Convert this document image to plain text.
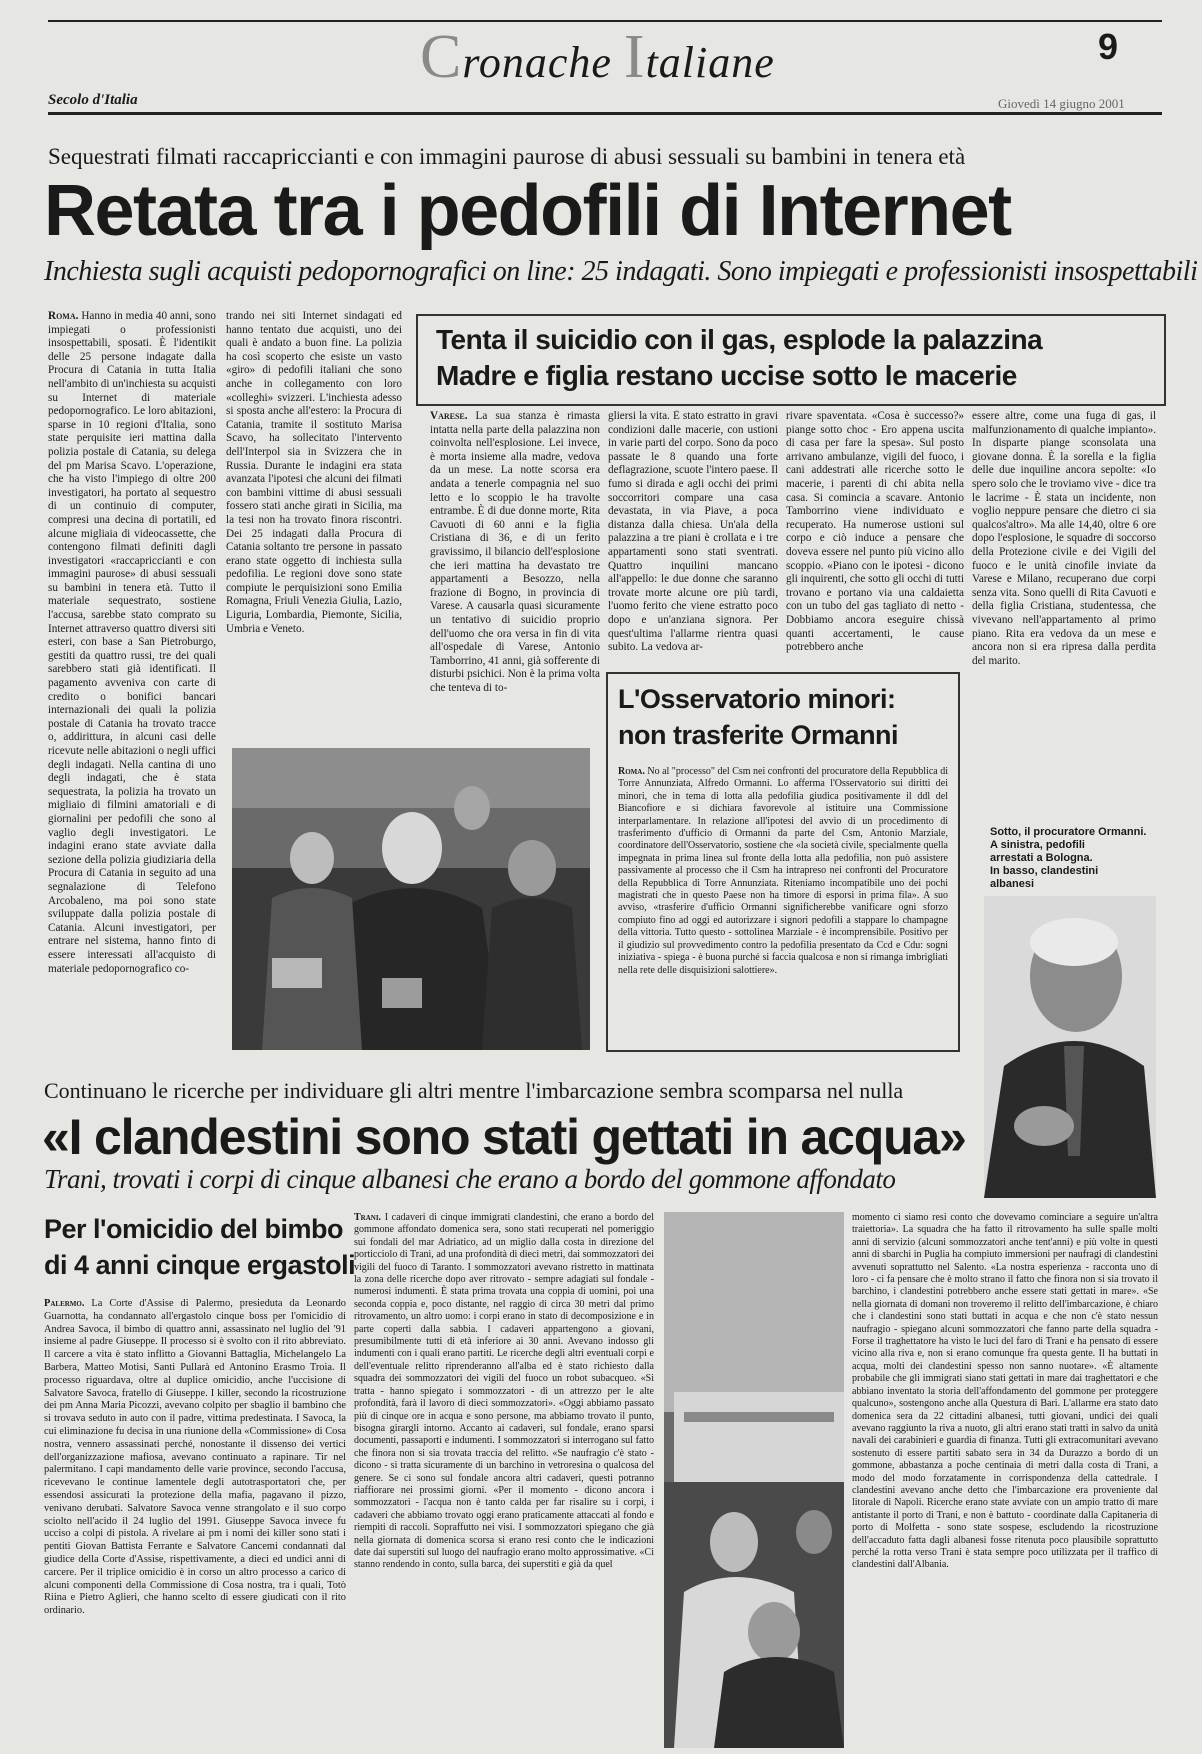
Cronache Italiane	9
Secolo d'Italia	Giovedì 14 giugno 2001
Sequestrati filmati raccapriccianti e con immagini paurose di abusi sessuali su bambini in tenera età
Retata tra i pedofili di Internet
Inchiesta sugli acquisti pedopornografici on line: 25 indagati. Sono impiegati e professionisti insospettabili

Roma. Hanno in media 40 anni, sono impiegati o professionisti insospettabili, sposati. È l'identikit delle 25 persone indagate dalla Procura di Catania in tutta Italia nell'ambito di un'inchiesta su acquisti su Internet di materiale pedopornografico. Le loro abitazioni, sparse in 10 regioni d'Italia, sono state perquisite ieri mattina dalla polizia postale di Catania, su delega del pm Marisa Scavo. L'operazione, che ha visto l'impiego di oltre 200 investigatori, ha portato al sequestro di un continuio di computer, compresi una decina di portatili, ed alcune migliaia di videocassette, che contengono filmati definiti dagli investigatori «raccapriccianti e con immagini paurose» di abusi sessuali su bambini in tenera età. Tutto il materiale sequestrato, sostiene l'accusa, sarebbe stato comprato su Internet attraverso quattro diversi siti esteri, con base a San Pietroburgo, gestiti da quattro russi, tre dei quali sarebbero stati già identificati. Il pagamento avveniva con carte di credito o bonifici bancari internazionali dei quali la polizia postale di Catania ha trovato tracce o, addirittura, in alcuni casi delle ricevute nelle abitazioni o negli uffici degli indagati. Nella cantina di uno degli indagati, che è stata sequestrata, la polizia ha trovato un migliaio di filmini amatoriali e di giornalini per pedofili che sono al vaglio degli investigatori. Le indagini erano state avviate dalla sezione della polizia giudiziaria della Procura di Catania in seguito ad una segnalazione di Telefono Arcobaleno, ma poi sono state sviluppate dalla polizia postale di Catania. Alcuni investigatori, per entrare nel sistema, hanno finto di essere interessati all'acquisto di materiale pedopornografico co-

trando nei siti Internet sindagati ed hanno tentato due acquisti, uno dei quali è andato a buon fine. La polizia ha così scoperto che esiste un vasto «giro» di pedofili italiani che sono anche in collegamento con loro «colleghi» svizzeri. L'inchiesta adesso si sposta anche all'estero: la Procura di Catania, tramite il sostituto Marisa Scavo, ha sollecitato l'intervento dell'Interpol sia in Svizzera che in Russia. Durante le indagini era stata avanzata l'ipotesi che alcuni dei filmati con bambini vittime di abusi sessuali fossero stati anche girati in Sicilia, ma la tesi non ha trovato finora riscontri. Dei 25 indagati dalla Procura di Catania soltanto tre persone in passato erano state oggetto di inchiesta sulla pedofilia. Le regioni dove sono state compiute le perquisizioni sono Emilia Romagna, Friuli Venezia Giulia, Lazio, Liguria, Lombardia, Piemonte, Sicilia, Umbria e Veneto.

Tenta il suicidio con il gas, esplode la palazzina
Madre e figlia restano uccise sotto le macerie

Varese. La sua stanza è rimasta intatta nella parte della palazzina non coinvolta nell'esplosione. Lei invece, è morta insieme alla madre, vedova da un mese. La notte scorsa era andata a tenerle compagnia nel suo letto e lo scoppio le ha travolte entrambe. È di due donne morte, Rita Cavuoti di 60 anni e la figlia Cristiana di 36, e di un ferito gravissimo, il bilancio dell'esplosione che ieri mattina ha devastato tre appartamenti a Besozzo, nella frazione di Bogno, in provincia di Varese. A causarla quasi sicuramente un tentativo di suicidio proprio dell'uomo che ora versa in fin di vita all'ospedale di Varese, Antonio Tamborrino, 41 anni, già sofferente di disturbi psichici. Non è la prima volta che tenteva di to-

gliersi la vita. È stato estratto in gravi condizioni dalle macerie, con ustioni in varie parti del corpo. Sono da poco passate le 8 quando una forte deflagrazione, scuote l'intero paese. Il fumo si dirada e agli occhi dei primi soccorritori compare una casa devastata, in via Piave, a poca distanza dalla chiesa. Un'ala della palazzina a tre piani è crollata e i tre appartamenti sono stati sventrati. Quattro inquilini mancano all'appello: le due donne che saranno trovate morte alcune ore più tardi, l'uomo ferito che viene estratto poco dopo e un'anziana signora. Per quest'ultima l'allarme rientra quasi subito. La vedova ar-

rivare spaventata. «Cosa è successo?» piange sotto choc - Ero appena uscita di casa per fare la spesa». Sul posto arrivano ambulanze, vigili del fuoco, i cani addestrati alle ricerche sotto le macerie, i parenti di chi abita nella casa. Si comincia a scavare. Antonio Tamborrino viene individuato e recuperato. Ha numerose ustioni sul corpo e ciò induce a pensare che doveva essere nel punto più vicino allo scoppio. «Piano con le ipotesi - dicono gli inquirenti, che sotto gli occhi di tutti trovano e portano via una caldaietta con un tubo del gas tagliato di netto - Dobbiamo ancora eseguire chissà quanti accertamenti, le cause potrebbero anche

essere altre, come una fuga di gas, il malfunzionamento di qualche impianto». In disparte piange sconsolata una giovane donna. È la sorella e la figlia delle due inquiline ancora sepolte: «Io spero solo che le troviamo vive - dice tra le lacrime - È stata un incidente, non voglio neppure pensare che dietro ci sia qualcos'altro». Ma alle 14,40, oltre 6 ore dopo l'esplosione, le squadre di soccorso della Protezione civile e dei Vigili del fuoco e le unità cinofile inviate da Varese e Milano, recuperano due corpi senza vita. Sono quelli di Rita Cavuoti e della figlia Cristiana, studentessa, che vivevano nell'appartamento al primo piano. Rita era vedova da un mese e ancora non si era ripresa dalla perdita del marito.

L'Osservatorio minori:
non trasferite Ormanni

Roma. No al "processo" del Csm nei confronti del procuratore della Repubblica di Torre Annunziata, Alfredo Ormanni. Lo afferma l'Osservatorio sui diritti dei minori, che in tema di lotta alla pedofilia giudica positivamente il ddl del Biancofiore e si dichiara favorevole al istituire una Commissione interparlamentare. In relazione all'ipotesi del avvio di un procedimento di trasferimento d'ufficio di Ormanni da parte del Csm, Antonio Marziale, coordinatore dell'Osservatorio, sostiene che «la società civile, specialmente quella impegnata in prima linea sul fronte della lotta alla pedofilia, non può assistere passivamente al processo che il Csm ha intrapreso nei confronti del Procuratore della Repubblica di Torre Annunziata. Riteniamo incompatibile uno dei pochi magistrati che in questo Paese non ha timore di esporsi in prima fila». A suo avviso, «trasferire d'ufficio Ormanni significherebbe vanificare ogni sforzo compiuto fino ad oggi ed autorizzare i signori pedofili a stappare lo champagne della vittoria. Tutto questo - sottolinea Marziale - è incomprensibile. Positivo per il giudizio sul provvedimento contro la pedofilia presentato da Ccd e Cdu: sogni iniziativa - spiega - è buona purché si faccia qualcosa e non si rimanga imbrigliati nella rete delle disquisizioni salottiere».

Sotto, il procuratore Ormanni.
A sinistra, pedofili
arrestati a Bologna.
In basso, clandestini
albanesi
Continuano le ricerche per individuare gli altri mentre l'imbarcazione sembra scomparsa nel nulla
«I clandestini sono stati gettati in acqua»
Trani, trovati i corpi di cinque albanesi che erano a bordo del gommone affondato
Per l'omicidio del bimbo
di 4 anni cinque ergastoli

Palermo. La Corte d'Assise di Palermo, presieduta da Leonardo Guarnotta, ha condannato all'ergastolo cinque boss per l'omicidio di Andrea Savoca, il bimbo di quattro anni, assassinato nel luglio del '91 insieme al padre Giuseppe. Il processo si è svolto con il rito abbreviato. Il carcere a vita è stato inflitto a Giovanni Battaglia, Michelangelo La Barbera, Matteo Motisi, Santi Pullarà ed Antonino Erasmo Troia. Il processo riguardava, oltre al duplice omicidio, anche l'uccisione di Salvatore Savoca, fratello di Giuseppe. I killer, secondo la ricostruzione dei pm Anna Maria Picozzi, avevano colpito per sbaglio il bambino che si trovava seduto in auto con il padre, vittima predestinata. I Savoca, la cui eliminazione fu decisa in una riunione della «Commissione» di Cosa nostra, vennero assassinati perché, nonostante il dissenso dei vertici dell'organizzazione mafiosa, avevano continuato a rapinare. Tir nel palermitano. I capi mandamento delle varie province, secondo l'accusa, ricevevano le continue lamentele degli autotrasportatori che, per essendosi assicurati la protezione della mafia, pagavano il pizzo, venivano derubati. Salvatore Savoca venne strangolato e il suo corpo sciolto nell'acido il 24 luglio del 1991. Giuseppe Savoca invece fu ucciso a colpi di pistola. A rivelare ai pm i nomi dei killer sono stati i pentiti Giovan Battista Ferrante e Salvatore Cancemi condannati dal giudice della Corte d'Assise, rispettivamente, a dieci ed undici anni di carcere. Per il triplice omicidio è in corso un altro processo a carico di alcuni componenti della Commissione di Cosa nostra, tra i quali, Totò Riina e Pietro Aglieri, che hanno scelto di essere giudicati con il rito ordinario.

Trani. I cadaveri di cinque immigrati clandestini, che erano a bordo del gommone affondato domenica sera, sono stati recuperati nel pomeriggio sui fondali del mar Adriatico, ad un miglio dalla costa in direzione del porticciolo di Trani, ad una profondità di dieci metri, dai sommozzatori dei vigili del fuoco di Taranto. I sommozzatori avevano ristretto in mattinata la zona delle ricerche dopo aver ritrovato - sempre adagiati sul fondale - numerosi indumenti. È stata prima trovata una coppia di uomini, poi una seconda coppia e, poco distante, nel raggio di circa 30 metri dal primo ritrovamento, un altro uomo: i corpi erano in stato di decomposizione e in parte coperti dalla sabbia. I cadaveri appartengono a giovani, presumibilmente tutti di età inferiore ai 30 anni. Avevano indosso gli indumenti con i quali erano partiti. Le ricerche degli altri eventuali corpi e dell'eventuale relitto riprenderanno all'alba ed è stato richiesto dalla squadra dei sommozzatori dei vigili del fuoco un robot subacqueo. «Si tratta - hanno spiegato i sommozzatori - di un attrezzo per le alte profondità, farà il lavoro di dieci sommozzatori». «Oggi abbiamo passato più di cinque ore in acqua e sono persone, ma abbiamo trovato il punto, bisogna girargli intorno. Accanto ai cadaveri, sul fondale, erano sparsi documenti, passaporti e indumenti. I sommozzatori si interrogano sul fatto che finora non si sia trovata traccia del relitto. «Se naufragio c'è stato - dicono - si tratta sicuramente di un barchino in vetroresina o qualcosa del genere. Se ci sono sul fondale ancora altri cadaveri, questi potranno riaffiorare nei prossimi giorni. «Per il momento - dicono ancora i sommozzatori - l'acqua non è tanto calda per far risalire su i corpi, i cadaveri che abbiamo trovato oggi erano praticamente attaccati al fondo e riempiti di raccoli. Sopraffutto nei visi. I sommozzatori spiegano che già nella giornata di domenica scorsa si erano resi conto che le indicazioni date dai superstiti sul luogo del naufragio erano molto approssimative. «Ci stanno rendendo in conto, sulla barca, dei superstiti e già da quel

momento ci siamo resi conto che dovevamo cominciare a seguire un'altra traiettoria». La squadra che ha fatto il ritrovamento ha sulle spalle molti anni di servizio (alcuni sommozzatori anche tent'anni) e più volte in questi anni di sbarchi in Puglia ha compiuto immersioni per naufragi di clandestini avvenuti soprattutto nel Salento. «La nostra esperienza - racconta uno di loro - ci fa pensare che è molto strano il fatto che finora non si sia trovato il barchino, i clandestini potrebbero anche essere stati gettati in mare». «Se nella giornata di domani non troveremo il relitto dell'imbarcazione, è chiaro che i clandestini sono stati buttati in acqua e che non c'è stato nessun naufragio - spiegano alcuni sommozzatori che fanno parte della squadra - Forse il traghettatore ha visto le luci del faro di Trani e ha pensato di essere vicino alla riva e, non si erano comunque fra questa gente. Il ha buttati in acqua, molti dei clandestini spesso non sanno nuotare». «È altamente probabile che gli immigrati siano stati gettati in mare dai traghettatori e che abbiano inventato la storia dell'affondamento del gommone per proteggere qualcuno», sostengono anche alla Questura di Bari. L'allarme era stato dato domenica sera da 22 cittadini albanesi, tutti giovani, undici dei quali avevano raggiunto la riva a nuoto, gli altri erano stati tratti in salvo da unità navali dei carabinieri e guardia di finanza. Tutti gli extracomunitari avevano sostenuto di essere partiti sabato sera in 34 da Durazzo a bordo di un gommone, abbastanza a poche centinaia di metri dalla costa di Trani, a modo del modo forzatamente in corrispondenza della cattedrale. I clandestini avevano anche detto che l'imbarcazione era proveniente dal litorale di Napoli. Ricerche erano state avviate con un ampio tratto di mare antistante il porto di Trani, e non è battuto - coordinate dalla Capitaneria di porto di Molfetta - sono state sospese, escludendo la ricostruzione dell'accaduto fatta dagli albanesi fosse ritenuta poco plausibile soprattutto perché la rotta verso Trani è stata sempre poco utilizzata per il traffico di clandestini dall'Albania.
